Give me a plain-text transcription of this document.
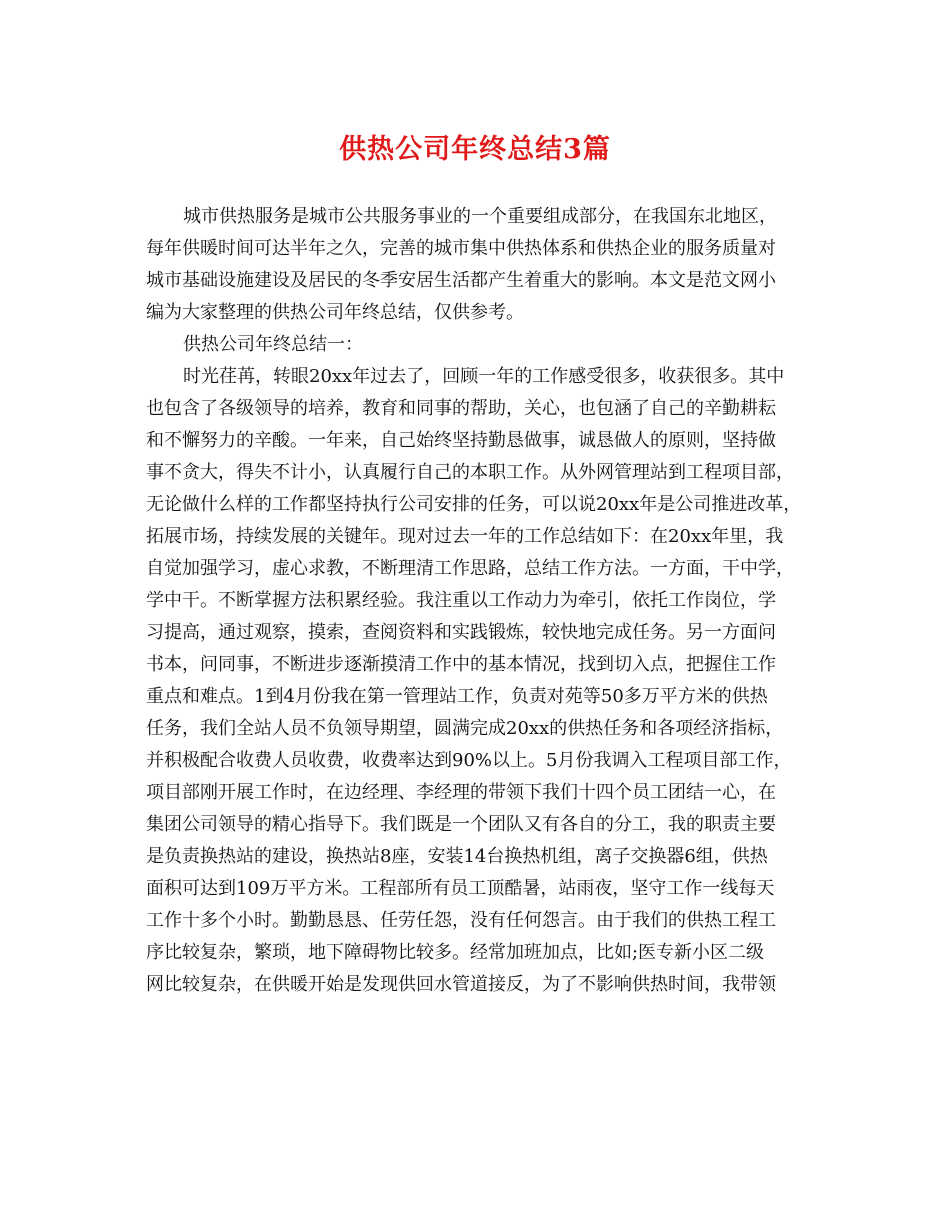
供热公司年终总结3篇
城市供热服务是城市公共服务事业的一个重要组成部分，在我国东北地区，
每年供暖时间可达半年之久，完善的城市集中供热体系和供热企业的服务质量对
城市基础设施建设及居民的冬季安居生活都产生着重大的影响。本文是范文网小
编为大家整理的供热公司年终总结，仅供参考。
供热公司年终总结一：
时光荏苒，转眼20xx年过去了，回顾一年的工作感受很多，收获很多。其中
也包含了各级领导的培养，教育和同事的帮助，关心，也包涵了自己的辛勤耕耘
和不懈努力的辛酸。一年来，自己始终坚持勤恳做事，诚恳做人的原则，坚持做
事不贪大，得失不计小，认真履行自己的本职工作。从外网管理站到工程项目部，
无论做什么样的工作都坚持执行公司安排的任务，可以说20xx年是公司推进改革，
拓展市场，持续发展的关键年。现对过去一年的工作总结如下：在20xx年里，我
自觉加强学习，虚心求教，不断理清工作思路，总结工作方法。一方面，干中学，
学中干。不断掌握方法积累经验。我注重以工作动力为牵引，依托工作岗位，学
习提高，通过观察，摸索，查阅资料和实践锻炼，较快地完成任务。另一方面问
书本，问同事，不断进步逐渐摸清工作中的基本情况，找到切入点，把握住工作
重点和难点。1到4月份我在第一管理站工作，负责对苑等50多万平方米的供热
任务，我们全站人员不负领导期望，圆满完成20xx的供热任务和各项经济指标，
并积极配合收费人员收费，收费率达到90%以上。5月份我调入工程项目部工作，
项目部刚开展工作时，在边经理、李经理的带领下我们十四个员工团结一心，在
集团公司领导的精心指导下。我们既是一个团队又有各自的分工，我的职责主要
是负责换热站的建设，换热站8座，安装14台换热机组，离子交换器6组，供热
面积可达到109万平方米。工程部所有员工顶酷暑，站雨夜，坚守工作一线每天
工作十多个小时。勤勤恳恳、任劳任怨，没有任何怨言。由于我们的供热工程工
序比较复杂，繁琐，地下障碍物比较多。经常加班加点，比如;医专新小区二级
网比较复杂，在供暖开始是发现供回水管道接反，为了不影响供热时间，我带领
